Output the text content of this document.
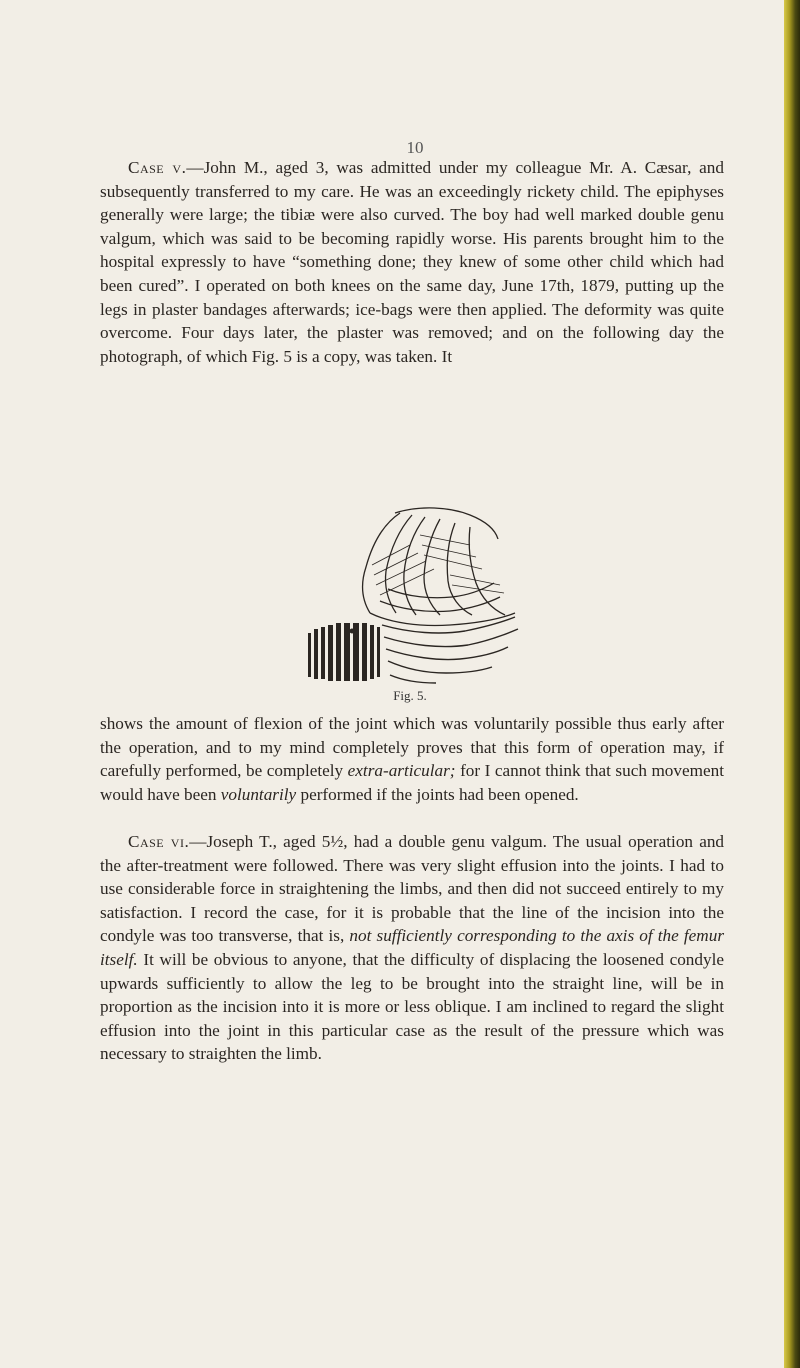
10

Case v.—John M., aged 3, was admitted under my colleague Mr. A. Cæsar, and subsequently transferred to my care. He was an exceedingly rickety child. The epiphyses generally were large; the tibiæ were also curved. The boy had well marked double genu valgum, which was said to be becoming rapidly worse. His parents brought him to the hospital expressly to have “something done; they knew of some other child which had been cured”. I operated on both knees on the same day, June 17th, 1879, putting up the legs in plaster bandages afterwards; ice-bags were then applied. The deformity was quite overcome. Four days later, the plaster was removed; and on the following day the photograph, of which Fig. 5 is a copy, was taken. It

Fig. 5.

shows the amount of flexion of the joint which was voluntarily possible thus early after the operation, and to my mind completely proves that this form of operation may, if carefully performed, be completely extra-articular; for I cannot think that such movement would have been voluntarily performed if the joints had been opened.

Case vi.—Joseph T., aged 5½, had a double genu valgum. The usual operation and the after-treatment were followed. There was very slight effusion into the joints. I had to use considerable force in straightening the limbs, and then did not succeed entirely to my satisfaction. I record the case, for it is probable that the line of the incision into the condyle was too transverse, that is, not sufficiently corresponding to the axis of the femur itself. It will be obvious to anyone, that the difficulty of displacing the loosened condyle upwards sufficiently to allow the leg to be brought into the straight line, will be in proportion as the incision into it is more or less oblique. I am inclined to regard the slight effusion into the joint in this particular case as the result of the pressure which was necessary to straighten the limb.
